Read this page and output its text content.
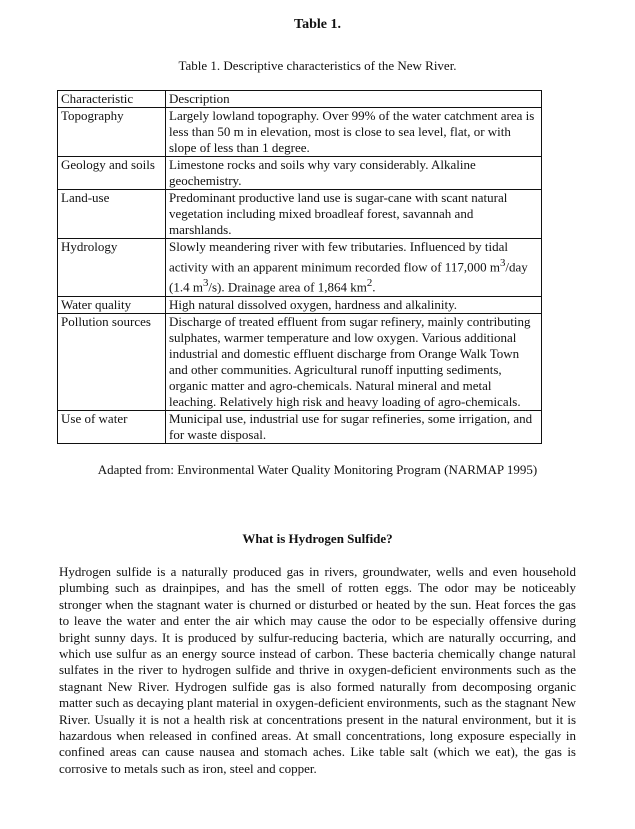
Table 1.
Table 1. Descriptive characteristics of the New River.
Characteristic	Description
Topography	Largely lowland topography. Over 99% of the water catchment area is less than 50 m in elevation, most is close to sea level, flat, or with slope of less than 1 degree.
Geology and soils	Limestone rocks and soils why vary considerably. Alkaline geochemistry.
Land-use	Predominant productive land use is sugar-cane with scant natural vegetation including mixed broadleaf forest, savannah and marshlands.
Hydrology	Slowly meandering river with few tributaries. Influenced by tidal activity with an apparent minimum recorded flow of 117,000 $m^3$/day (1.4 $m^3/s$). Drainage area of 1,864 $km^2$.
Water quality	High natural dissolved oxygen, hardness and alkalinity.
Pollution sources	Discharge of treated effluent from sugar refinery, mainly contributing sulphates, warmer temperature and low oxygen. Various additional industrial and domestic effluent discharge from Orange Walk Town and other communities. Agricultural runoff inputting sediments, organic matter and agro-chemicals. Natural mineral and metal leaching. Relatively high risk and heavy loading of agro-chemicals.
Use of water	Municipal use, industrial use for sugar refineries, some irrigation, and for waste disposal.
Adapted from: Environmental Water Quality Monitoring Program (NARMAP 1995)
What is Hydrogen Sulfide?

Hydrogen sulfide is a naturally produced gas in rivers, groundwater, wells and even household plumbing such as drainpipes, and has the smell of rotten eggs. The odor may be noticeably stronger when the stagnant water is churned or disturbed or heated by the sun. Heat forces the gas to leave the water and enter the air which may cause the odor to be especially offensive during bright sunny days. It is produced by sulfur-reducing bacteria, which are naturally occurring, and which use sulfur as an energy source instead of carbon. These bacteria chemically change natural sulfates in the river to hydrogen sulfide and thrive in oxygen-deficient environments such as the stagnant New River. Hydrogen sulfide gas is also formed naturally from decomposing organic matter such as decaying plant material in oxygen-deficient environments, such as the stagnant New River. Usually it is not a health risk at concentrations present in the natural environment, but it is hazardous when released in confined areas. At small concentrations, long exposure especially in confined areas can cause nausea and stomach aches. Like table salt (which we eat), the gas is corrosive to metals such as iron, steel and copper.
